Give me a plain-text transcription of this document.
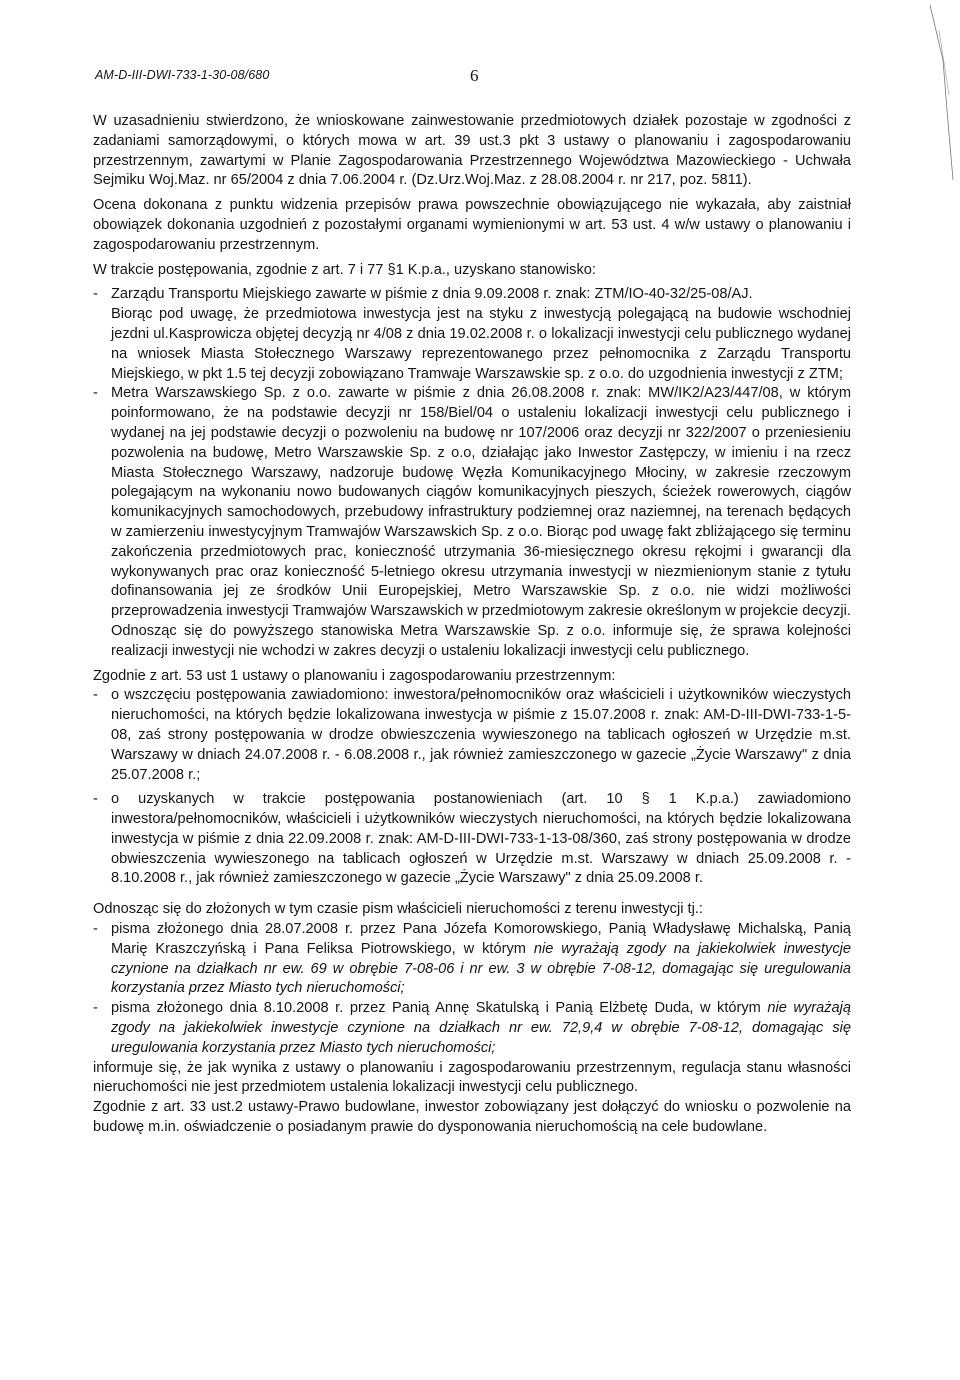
AM-D-III-DWI-733-1-30-08/680	6

W uzasadnieniu stwierdzono, że wnioskowane zainwestowanie przedmiotowych działek pozostaje w zgodności z zadaniami samorządowymi, o których mowa w art. 39 ust.3 pkt 3 ustawy o planowaniu i zagospodarowaniu przestrzennym, zawartymi w Planie Zagospodarowania Przestrzennego Województwa Mazowieckiego - Uchwała Sejmiku Woj.Maz. nr 65/2004 z dnia 7.06.2004 r. (Dz.Urz.Woj.Maz. z 28.08.2004 r. nr 217, poz. 5811).

Ocena dokonana z punktu widzenia przepisów prawa powszechnie obowiązującego nie wykazała, aby zaistniał obowiązek dokonania uzgodnień z pozostałymi organami wymienionymi w art. 53 ust. 4 w/w ustawy o planowaniu i zagospodarowaniu przestrzennym.

W trakcie postępowania, zgodnie z art. 7 i 77 §1 K.p.a., uzyskano stanowisko:

- Zarządu Transportu Miejskiego zawarte w piśmie z dnia 9.09.2008 r. znak: ZTM/IO-40-32/25-08/AJ.

Biorąc pod uwagę, że przedmiotowa inwestycja jest na styku z inwestycją polegającą na budowie wschodniej jezdni ul.Kasprowicza objętej decyzją nr 4/08 z dnia 19.02.2008 r. o lokalizacji inwestycji celu publicznego wydanej na wniosek Miasta Stołecznego Warszawy reprezentowanego przez pełnomocnika z Zarządu Transportu Miejskiego, w pkt 1.5 tej decyzji zobowiązano Tramwaje Warszawskie sp. z o.o. do uzgodnienia inwestycji z ZTM;

- Metra Warszawskiego Sp. z o.o. zawarte w piśmie z dnia 26.08.2008 r. znak: MW/IK2/A23/447/08, w którym poinformowano, że na podstawie decyzji nr 158/Biel/04 o ustaleniu lokalizacji inwestycji celu publicznego i wydanej na jej podstawie decyzji o pozwoleniu na budowę nr 107/2006 oraz decyzji nr 322/2007 o przeniesieniu pozwolenia na budowę, Metro Warszawskie Sp. z o.o, działając jako Inwestor Zastępczy, w imieniu i na rzecz Miasta Stołecznego Warszawy, nadzoruje budowę Węzła Komunikacyjnego Młociny, w zakresie rzeczowym polegającym na wykonaniu nowo budowanych ciągów komunikacyjnych pieszych, ścieżek rowerowych, ciągów komunikacyjnych samochodowych, przebudowy infrastruktury podziemnej oraz naziemnej, na terenach będących w zamierzeniu inwestycyjnym Tramwajów Warszawskich Sp. z o.o. Biorąc pod uwagę fakt zbliżającego się terminu zakończenia przedmiotowych prac, konieczność utrzymania 36-miesięcznego okresu rękojmi i gwarancji dla wykonywanych prac oraz konieczność 5-letniego okresu utrzymania inwestycji w niezmienionym stanie z tytułu dofinansowania jej ze środków Unii Europejskiej, Metro Warszawskie Sp. z o.o. nie widzi możliwości przeprowadzenia inwestycji Tramwajów Warszawskich w przedmiotowym zakresie określonym w projekcie decyzji.

Odnosząc się do powyższego stanowiska Metra Warszawskie Sp. z o.o. informuje się, że sprawa kolejności realizacji inwestycji nie wchodzi w zakres decyzji o ustaleniu lokalizacji inwestycji celu publicznego.

Zgodnie z art. 53 ust 1 ustawy o planowaniu i zagospodarowaniu przestrzennym:

- o wszczęciu postępowania zawiadomiono: inwestora/pełnomocników oraz właścicieli i użytkowników wieczystych nieruchomości, na których będzie lokalizowana inwestycja w piśmie z 15.07.2008 r. znak: AM-D-III-DWI-733-1-5-08, zaś strony postępowania w drodze obwieszczenia wywieszonego na tablicach ogłoszeń w Urzędzie m.st. Warszawy w dniach 24.07.2008 r. - 6.08.2008 r., jak również zamieszczonego w gazecie „Życie Warszawy" z dnia 25.07.2008 r.;
- o uzyskanych w trakcie postępowania postanowieniach (art. 10 § 1 K.p.a.) zawiadomiono inwestora/pełnomocników, właścicieli i użytkowników wieczystych nieruchomości, na których będzie lokalizowana inwestycja w piśmie z dnia 22.09.2008 r. znak: AM-D-III-DWI-733-1-13-08/360, zaś strony postępowania w drodze obwieszczenia wywieszonego na tablicach ogłoszeń w Urzędzie m.st. Warszawy w dniach 25.09.2008 r. - 8.10.2008 r., jak również zamieszczonego w gazecie „Życie Warszawy" z dnia 25.09.2008 r.

Odnosząc się do złożonych w tym czasie pism właścicieli nieruchomości z terenu inwestycji tj.:

- pisma złożonego dnia 28.07.2008 r. przez Pana Józefa Komorowskiego, Panią Władysławę Michalską, Panią Marię Kraszczyńską i Pana Feliksa Piotrowskiego, w którym nie wyrażają zgody na jakiekolwiek inwestycje czynione na działkach nr ew. 69 w obrębie 7-08-06 i nr ew. 3 w obrębie 7-08-12, domagając się uregulowania korzystania przez Miasto tych nieruchomości;
- pisma złożonego dnia 8.10.2008 r. przez Panią Annę Skatulską i Panią Elżbetę Duda, w którym nie wyrażają zgody na jakiekolwiek inwestycje czynione na działkach nr ew. 72,9,4 w obrębie 7-08-12, domagając się uregulowania korzystania przez Miasto tych nieruchomości;

informuje się, że jak wynika z ustawy o planowaniu i zagospodarowaniu przestrzennym, regulacja stanu własności nieruchomości nie jest przedmiotem ustalenia lokalizacji inwestycji celu publicznego.

Zgodnie z art. 33 ust.2 ustawy-Prawo budowlane, inwestor zobowiązany jest dołączyć do wniosku o pozwolenie na budowę m.in. oświadczenie o posiadanym prawie do dysponowania nieruchomością na cele budowlane.
